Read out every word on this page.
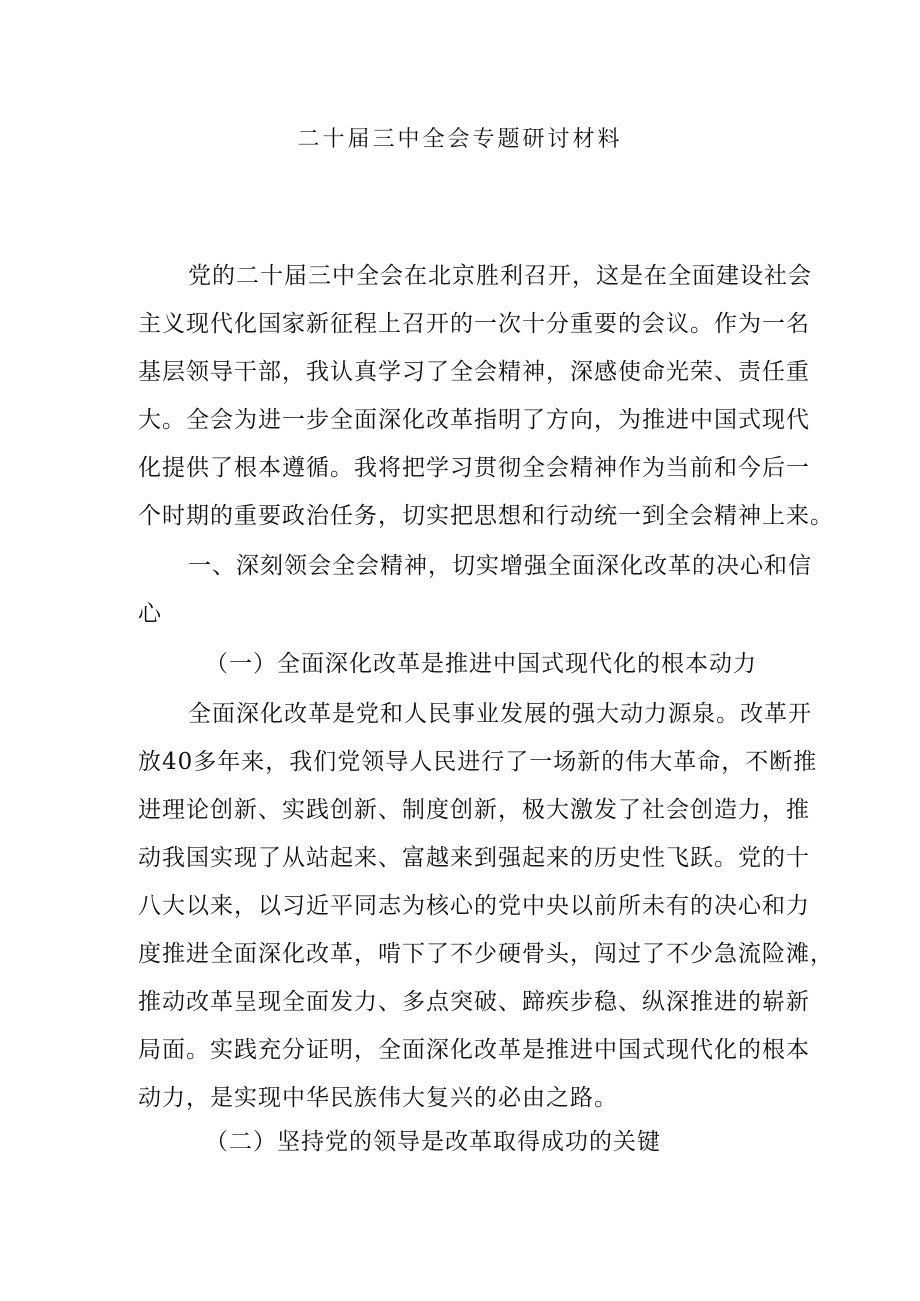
二十届三中全会专题研讨材料
党的二十届三中全会在北京胜利召开，这是在全面建设社会
主义现代化国家新征程上召开的一次十分重要的会议。作为一名
基层领导干部，我认真学习了全会精神，深感使命光荣、责任重
大。全会为进一步全面深化改革指明了方向，为推进中国式现代
化提供了根本遵循。我将把学习贯彻全会精神作为当前和今后一
个时期的重要政治任务，切实把思想和行动统一到全会精神上来。
一、深刻领会全会精神，切实增强全面深化改革的决心和信
心
（一）全面深化改革是推进中国式现代化的根本动力
全面深化改革是党和人民事业发展的强大动力源泉。改革开
放40多年来，我们党领导人民进行了一场新的伟大革命，不断推
进理论创新、实践创新、制度创新，极大激发了社会创造力，推
动我国实现了从站起来、富越来到强起来的历史性飞跃。党的十
八大以来，以习近平同志为核心的党中央以前所未有的决心和力
度推进全面深化改革，啃下了不少硬骨头，闯过了不少急流险滩，
推动改革呈现全面发力、多点突破、蹄疾步稳、纵深推进的崭新
局面。实践充分证明，全面深化改革是推进中国式现代化的根本
动力，是实现中华民族伟大复兴的必由之路。
（二）坚持党的领导是改革取得成功的关键
